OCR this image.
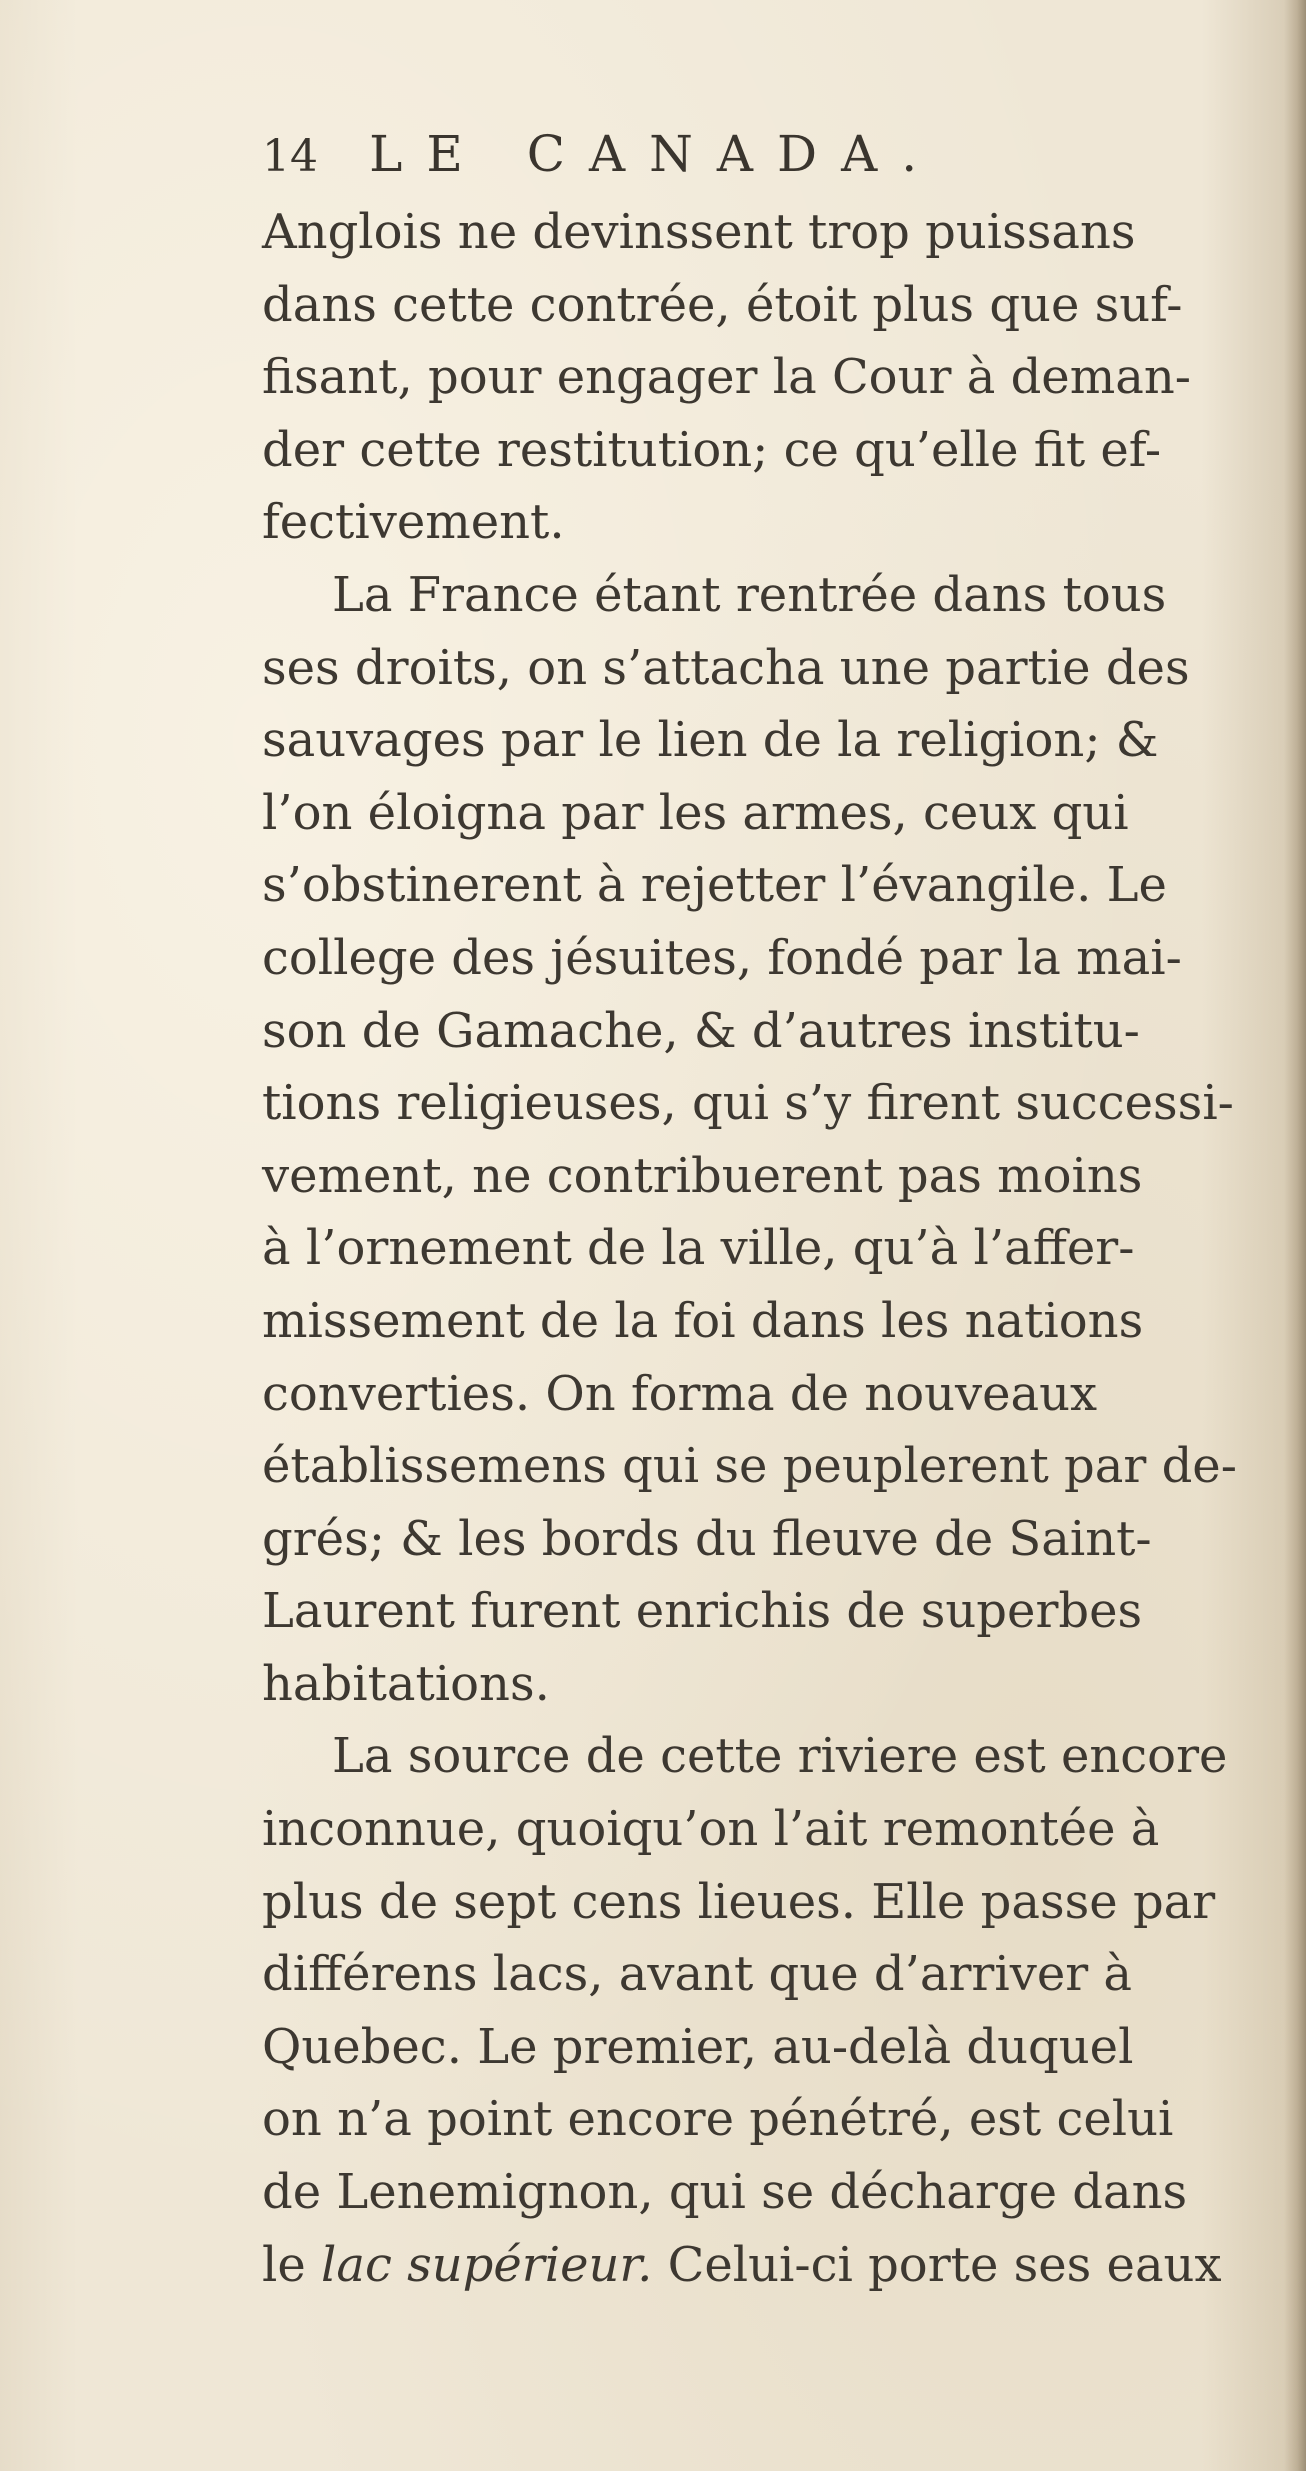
14 LE CANADA.
Anglois ne devinssent trop puissans
dans cette contrée, étoit plus que suf-
fisant, pour engager la Cour à deman-
der cette restitution; ce qu’elle fit ef-
fectivement.
La France étant rentrée dans tous
ses droits, on s’attacha une partie des
sauvages par le lien de la religion; &
l’on éloigna par les armes, ceux qui
s’obstinerent à rejetter l’évangile. Le
college des jésuites, fondé par la mai-
son de Gamache, & d’autres institu-
tions religieuses, qui s’y firent successi-
vement, ne contribuerent pas moins
à l’ornement de la ville, qu’à l’affer-
missement de la foi dans les nations
converties. On forma de nouveaux
établissemens qui se peuplerent par de-
grés; & les bords du fleuve de Saint-
Laurent furent enrichis de superbes
habitations.
La source de cette riviere est encore
inconnue, quoiqu’on l’ait remontée à
plus de sept cens lieues. Elle passe par
différens lacs, avant que d’arriver à
Quebec. Le premier, au-delà duquel
on n’a point encore pénétré, est celui
de Lenemignon, qui se décharge dans
le lac supérieur. Celui-ci porte ses eaux
